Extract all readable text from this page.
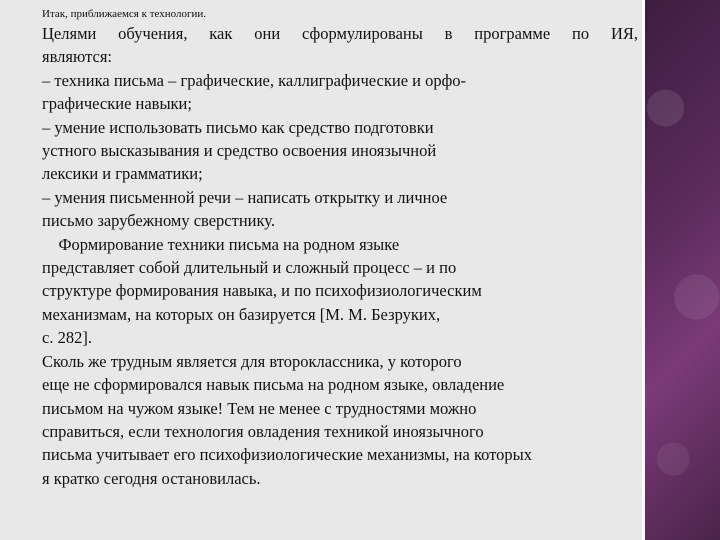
Итак, приближаемся к технологии.

Целями обучения, как они сформулированы в программе по ИЯ,

являются:

– техника письма – графические, каллиграфические и орфо-

графические навыки;

– умение использовать письмо как средство подготовки

устного высказывания и средство освоения иноязычной

лексики и грамматики;

– умения письменной речи – написать открытку и личное

письмо зарубежному сверстнику.

Формирование техники письма на родном языке

представляет собой длительный и сложный процесс – и по

структуре формирования навыка, и по психофизиологическим

механизмам, на которых он базируется [М. М. Безруких,

с. 282].

Сколь же трудным является для второклассника, у которого

еще не сформировался навык письма на родном языке, овладение

письмом на чужом языке! Тем не менее с трудностями можно

справиться, если технология овладения техникой иноязычного

письма учитывает его психофизиологические механизмы, на которых

я кратко сегодня остановилась.
